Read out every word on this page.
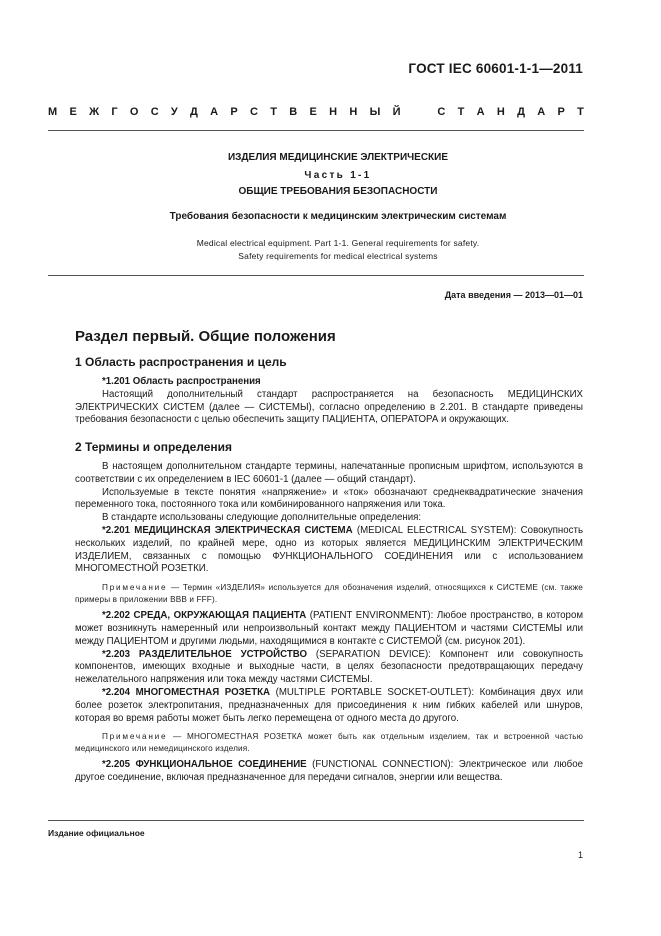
ГОСТ IEC 60601-1-1—2011
М Е Ж Г О С У Д А Р С Т В Е Н Н Ы Й	С Т А Н Д А Р Т
ИЗДЕЛИЯ МЕДИЦИНСКИЕ ЭЛЕКТРИЧЕСКИЕ
Часть 1-1
ОБЩИЕ ТРЕБОВАНИЯ БЕЗОПАСНОСТИ
Требования безопасности к медицинским электрическим системам
Medical electrical equipment. Part 1-1. General requirements for safety.
Safety requirements for medical electrical systems
Дата введения — 2013—01—01
Раздел первый. Общие положения
1 Область распространения и цель

*1.201 Область распространения

Настоящий дополнительный стандарт распространяется на безопасность МЕДИЦИНСКИХ ЭЛЕКТРИЧЕСКИХ СИСТЕМ (далее — СИСТЕМЫ), согласно определению в 2.201. В стандарте приведены требования безопасности с целью обеспечить защиту ПАЦИЕНТА, ОПЕРАТОРА и окружающих.

2 Термины и определения

В настоящем дополнительном стандарте термины, напечатанные прописным шрифтом, используются в соответствии с их определением в IEC 60601-1 (далее — общий стандарт).

Используемые в тексте понятия «напряжение» и «ток» обозначают среднеквадратические значения переменного тока, постоянного тока или комбинированного напряжения или тока.

В стандарте использованы следующие дополнительные определения:

*2.201 МЕДИЦИНСКАЯ ЭЛЕКТРИЧЕСКАЯ СИСТЕМА (MEDICAL ELECTRICAL SYSTEM): Совокупность нескольких изделий, по крайней мере, одно из которых является МЕДИЦИНСКИМ ЭЛЕКТРИЧЕСКИМ ИЗДЕЛИЕМ, связанных с помощью ФУНКЦИОНАЛЬНОГО СОЕДИНЕНИЯ или с использованием МНОГОМЕСТНОЙ РОЗЕТКИ.

Примечание — Термин «ИЗДЕЛИЯ» используется для обозначения изделий, относящихся к СИСТЕМЕ (см. также примеры в приложении ВВВ и FFF).

*2.202 СРЕДА, ОКРУЖАЮЩАЯ ПАЦИЕНТА (PATIENT ENVIRONMENT): Любое пространство, в котором может возникнуть намеренный или непроизвольный контакт между ПАЦИЕНТОМ и частями СИСТЕМЫ или между ПАЦИЕНТОМ и другими людьми, находящимися в контакте с СИСТЕМОЙ (см. рисунок 201).

*2.203 РАЗДЕЛИТЕЛЬНОЕ УСТРОЙСТВО (SEPARATION DEVICE): Компонент или совокупность компонентов, имеющих входные и выходные части, в целях безопасности предотвращающих передачу нежелательного напряжения или тока между частями СИСТЕМЫ.

*2.204 МНОГОМЕСТНАЯ РОЗЕТКА (MULTIPLE PORTABLE SOCKET-OUTLET): Комбинация двух или более розеток электропитания, предназначенных для присоединения к ним гибких кабелей или шнуров, которая во время работы может быть легко перемещена от одного места до другого.

Примечание — МНОГОМЕСТНАЯ РОЗЕТКА может быть как отдельным изделием, так и встроенной частью медицинского или немедицинского изделия.

*2.205 ФУНКЦИОНАЛЬНОЕ СОЕДИНЕНИЕ (FUNCTIONAL CONNECTION): Электрическое или любое другое соединение, включая предназначенное для передачи сигналов, энергии или вещества.

Издание официальное
1
